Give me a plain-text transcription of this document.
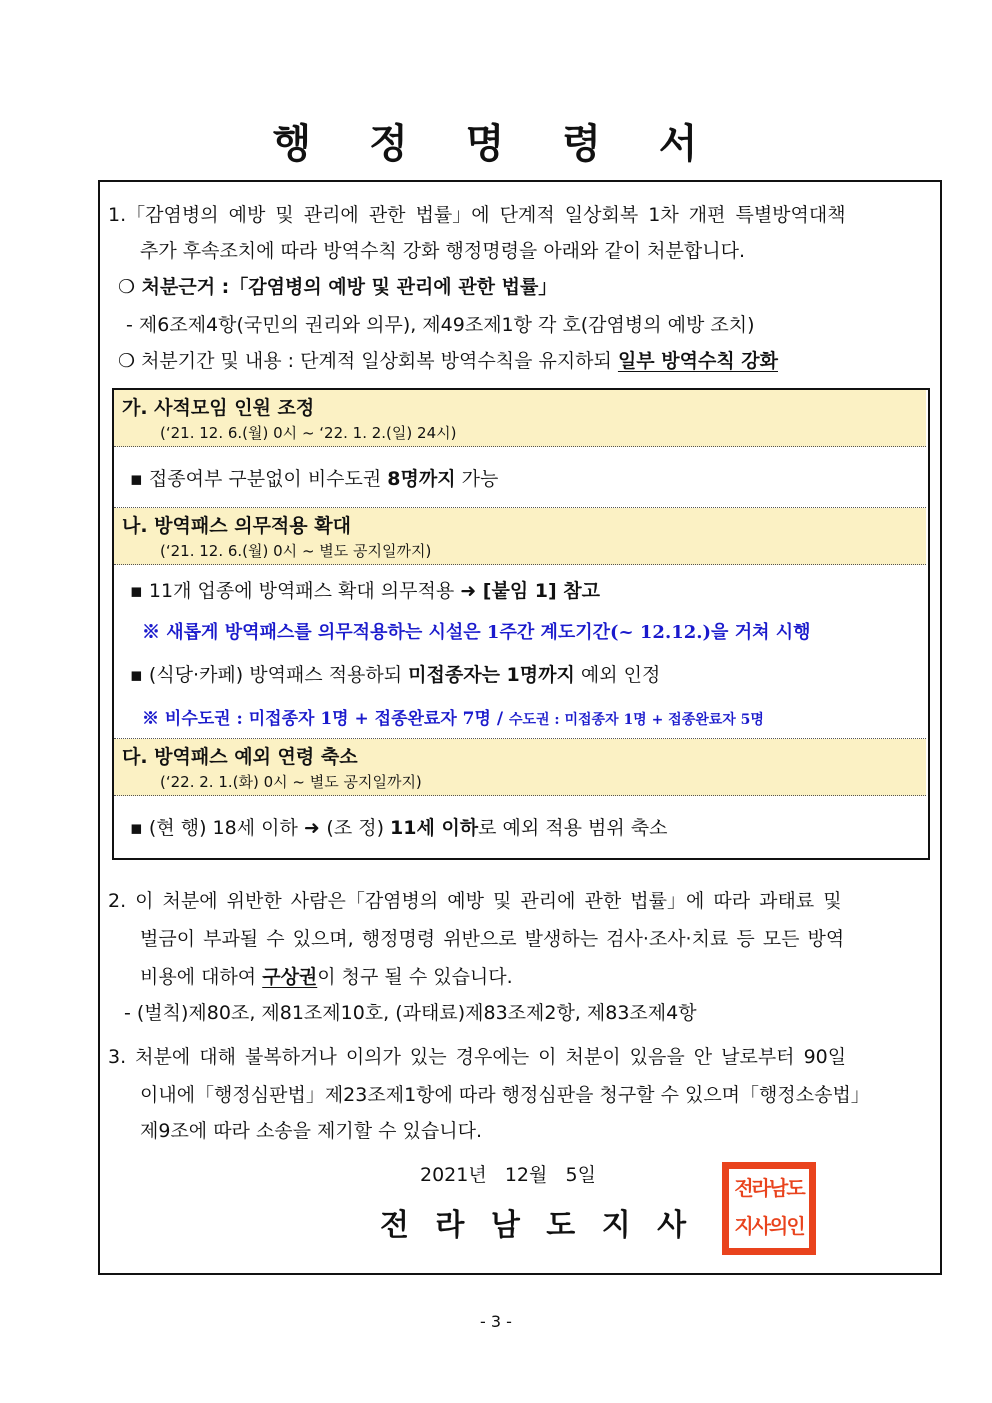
행 정 명 령 서
1.「감염병의 예방 및 관리에 관한 법률」에 단계적 일상회복 1차 개편 특별방역대책
추가 후속조치에 따라 방역수칙 강화 행정명령을 아래와 같이 처분합니다.
❍ 처분근거 :「감염병의 예방 및 관리에 관한 법률」
- 제6조제4항(국민의 권리와 의무), 제49조제1항 각 호(감염병의 예방 조치)
❍ 처분기간 및 내용 : 단계적 일상회복 방역수칙을 유지하되 일부 방역수칙 강화
가. 사적모임 인원 조정
(‘21. 12. 6.(월) 0시 ~ ‘22. 1. 2.(일) 24시)
▪ 접종여부 구분없이 비수도권 8명까지 가능
나. 방역패스 의무적용 확대
(‘21. 12. 6.(월) 0시 ~ 별도 공지일까지)
▪ 11개 업종에 방역패스 확대 의무적용 ➜ [붙임 1] 참고
※ 새롭게 방역패스를 의무적용하는 시설은 1주간 계도기간(~ 12.12.)을 거쳐 시행
▪ (식당·카페) 방역패스 적용하되 미접종자는 1명까지 예외 인정
※ 비수도권 : 미접종자 1명 + 접종완료자 7명 / 수도권 : 미접종자 1명 + 접종완료자 5명
다. 방역패스 예외 연령 축소
(‘22. 2. 1.(화) 0시 ~ 별도 공지일까지)
▪ (현 행) 18세 이하 ➜ (조 정) 11세 이하로 예외 적용 범위 축소
2. 이 처분에 위반한 사람은「감염병의 예방 및 관리에 관한 법률」에 따라 과태료 및
벌금이 부과될 수 있으며, 행정명령 위반으로 발생하는 검사·조사·치료 등 모든 방역
비용에 대하여 구상권이 청구 될 수 있습니다.
- (벌칙)제80조, 제81조제10호, (과태료)제83조제2항, 제83조제4항
3. 처분에 대해 불복하거나 이의가 있는 경우에는 이 처분이 있음을 안 날로부터 90일
이내에「행정심판법」제23조제1항에 따라 행정심판을 청구할 수 있으며「행정소송법」
제9조에 따라 소송을 제기할 수 있습니다.
2021년   12월   5일
전라남도
지사의인
전 라 남 도 지 사
- 3 -
